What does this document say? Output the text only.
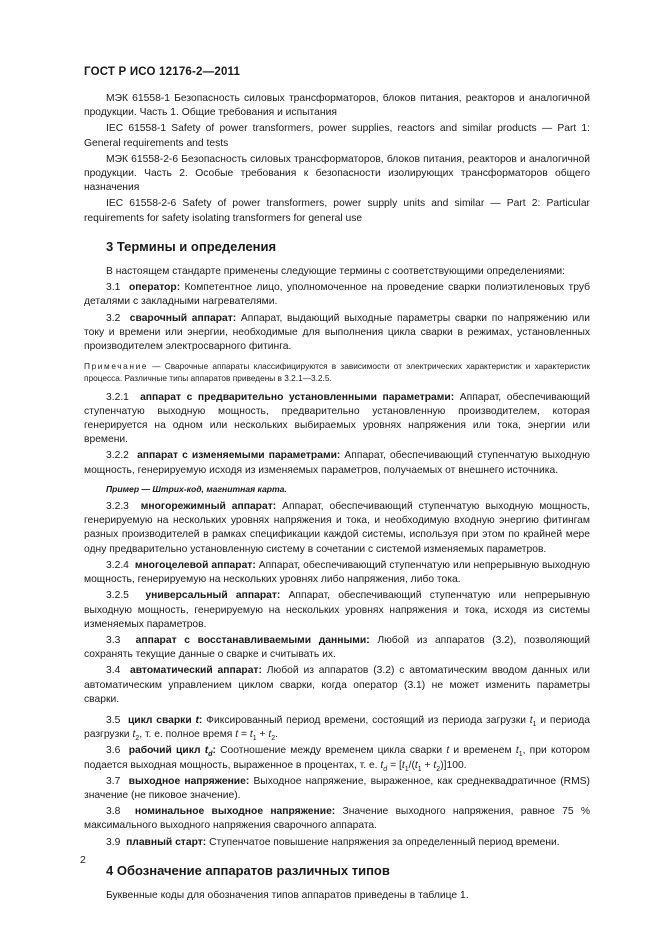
ГОСТ Р ИСО 12176-2—2011

МЭК 61558-1 Безопасность силовых трансформаторов, блоков питания, реакторов и аналогичной продукции. Часть 1. Общие требования и испытания

IEC 61558-1 Safety of power transformers, power supplies, reactors and similar products — Part 1: General requirements and tests

МЭК 61558-2-6 Безопасность силовых трансформаторов, блоков питания, реакторов и аналогичной продукции. Часть 2. Особые требования к безопасности изолирующих трансформаторов общего назначения

IEC 61558-2-6 Safety of power transformers, power supply units and similar — Part 2: Particular requirements for safety isolating transformers for general use

3 Термины и определения

В настоящем стандарте применены следующие термины с соответствующими определениями:

3.1 оператор: Компетентное лицо, уполномоченное на проведение сварки полиэтиленовых труб деталями с закладными нагревателями.

3.2 сварочный аппарат: Аппарат, выдающий выходные параметры сварки по напряжению или току и времени или энергии, необходимые для выполнения цикла сварки в режимах, установленных производителем электросварного фитинга.

Примечание — Сварочные аппараты классифицируются в зависимости от электрических характеристик и характеристик процесса. Различные типы аппаратов приведены в 3.2.1—3.2.5.

3.2.1 аппарат с предварительно установленными параметрами: Аппарат, обеспечивающий ступенчатую выходную мощность, предварительно установленную производителем, которая генерируется на одном или нескольких выбираемых уровнях напряжения или тока, энергии или времени.

3.2.2 аппарат с изменяемыми параметрами: Аппарат, обеспечивающий ступенчатую выходную мощность, генерируемую исходя из изменяемых параметров, получаемых от внешнего источника.

Пример — Штрих-код, магнитная карта.

3.2.3 многорежимный аппарат: Аппарат, обеспечивающий ступенчатую выходную мощность, генерируемую на нескольких уровнях напряжения и тока, и необходимую входную энергию фитингам разных производителей в рамках спецификации каждой системы, используя при этом по крайней мере одну предварительно установленную систему в сочетании с системой изменяемых параметров.

3.2.4 многоцелевой аппарат: Аппарат, обеспечивающий ступенчатую или непрерывную выходную мощность, генерируемую на нескольких уровнях либо напряжения, либо тока.

3.2.5 универсальный аппарат: Аппарат, обеспечивающий ступенчатую или непрерывную выходную мощность, генерируемую на нескольких уровнях напряжения и тока, исходя из системы изменяемых параметров.

3.3 аппарат с восстанавливаемыми данными: Любой из аппаратов (3.2), позволяющий сохранять текущие данные о сварке и считывать их.

3.4 автоматический аппарат: Любой из аппаратов (3.2) с автоматическим вводом данных или автоматическим управлением циклом сварки, когда оператор (3.1) не может изменить параметры сварки.

3.5 цикл сварки t: Фиксированный период времени, состоящий из периода загрузки $t_1$ и периода разгрузки $t_2$, т. е. полное время $t = t_1 + t_2$.

3.6 рабочий цикл $t_d$: Соотношение между временем цикла сварки t и временем $t_1$, при котором подается выходная мощность, выраженное в процентах, т. е. $t_d = [t_1/(t_1 + t_2)]100$.

3.7 выходное напряжение: Выходное напряжение, выраженное, как среднеквадратичное (RMS) значение (не пиковое значение).

3.8 номинальное выходное напряжение: Значение выходного напряжения, равное 75 % максимального выходного напряжения сварочного аппарата.

3.9 плавный старт: Ступенчатое повышение напряжения за определенный период времени.

4 Обозначение аппаратов различных типов

Буквенные коды для обозначения типов аппаратов приведены в таблице 1.

2
